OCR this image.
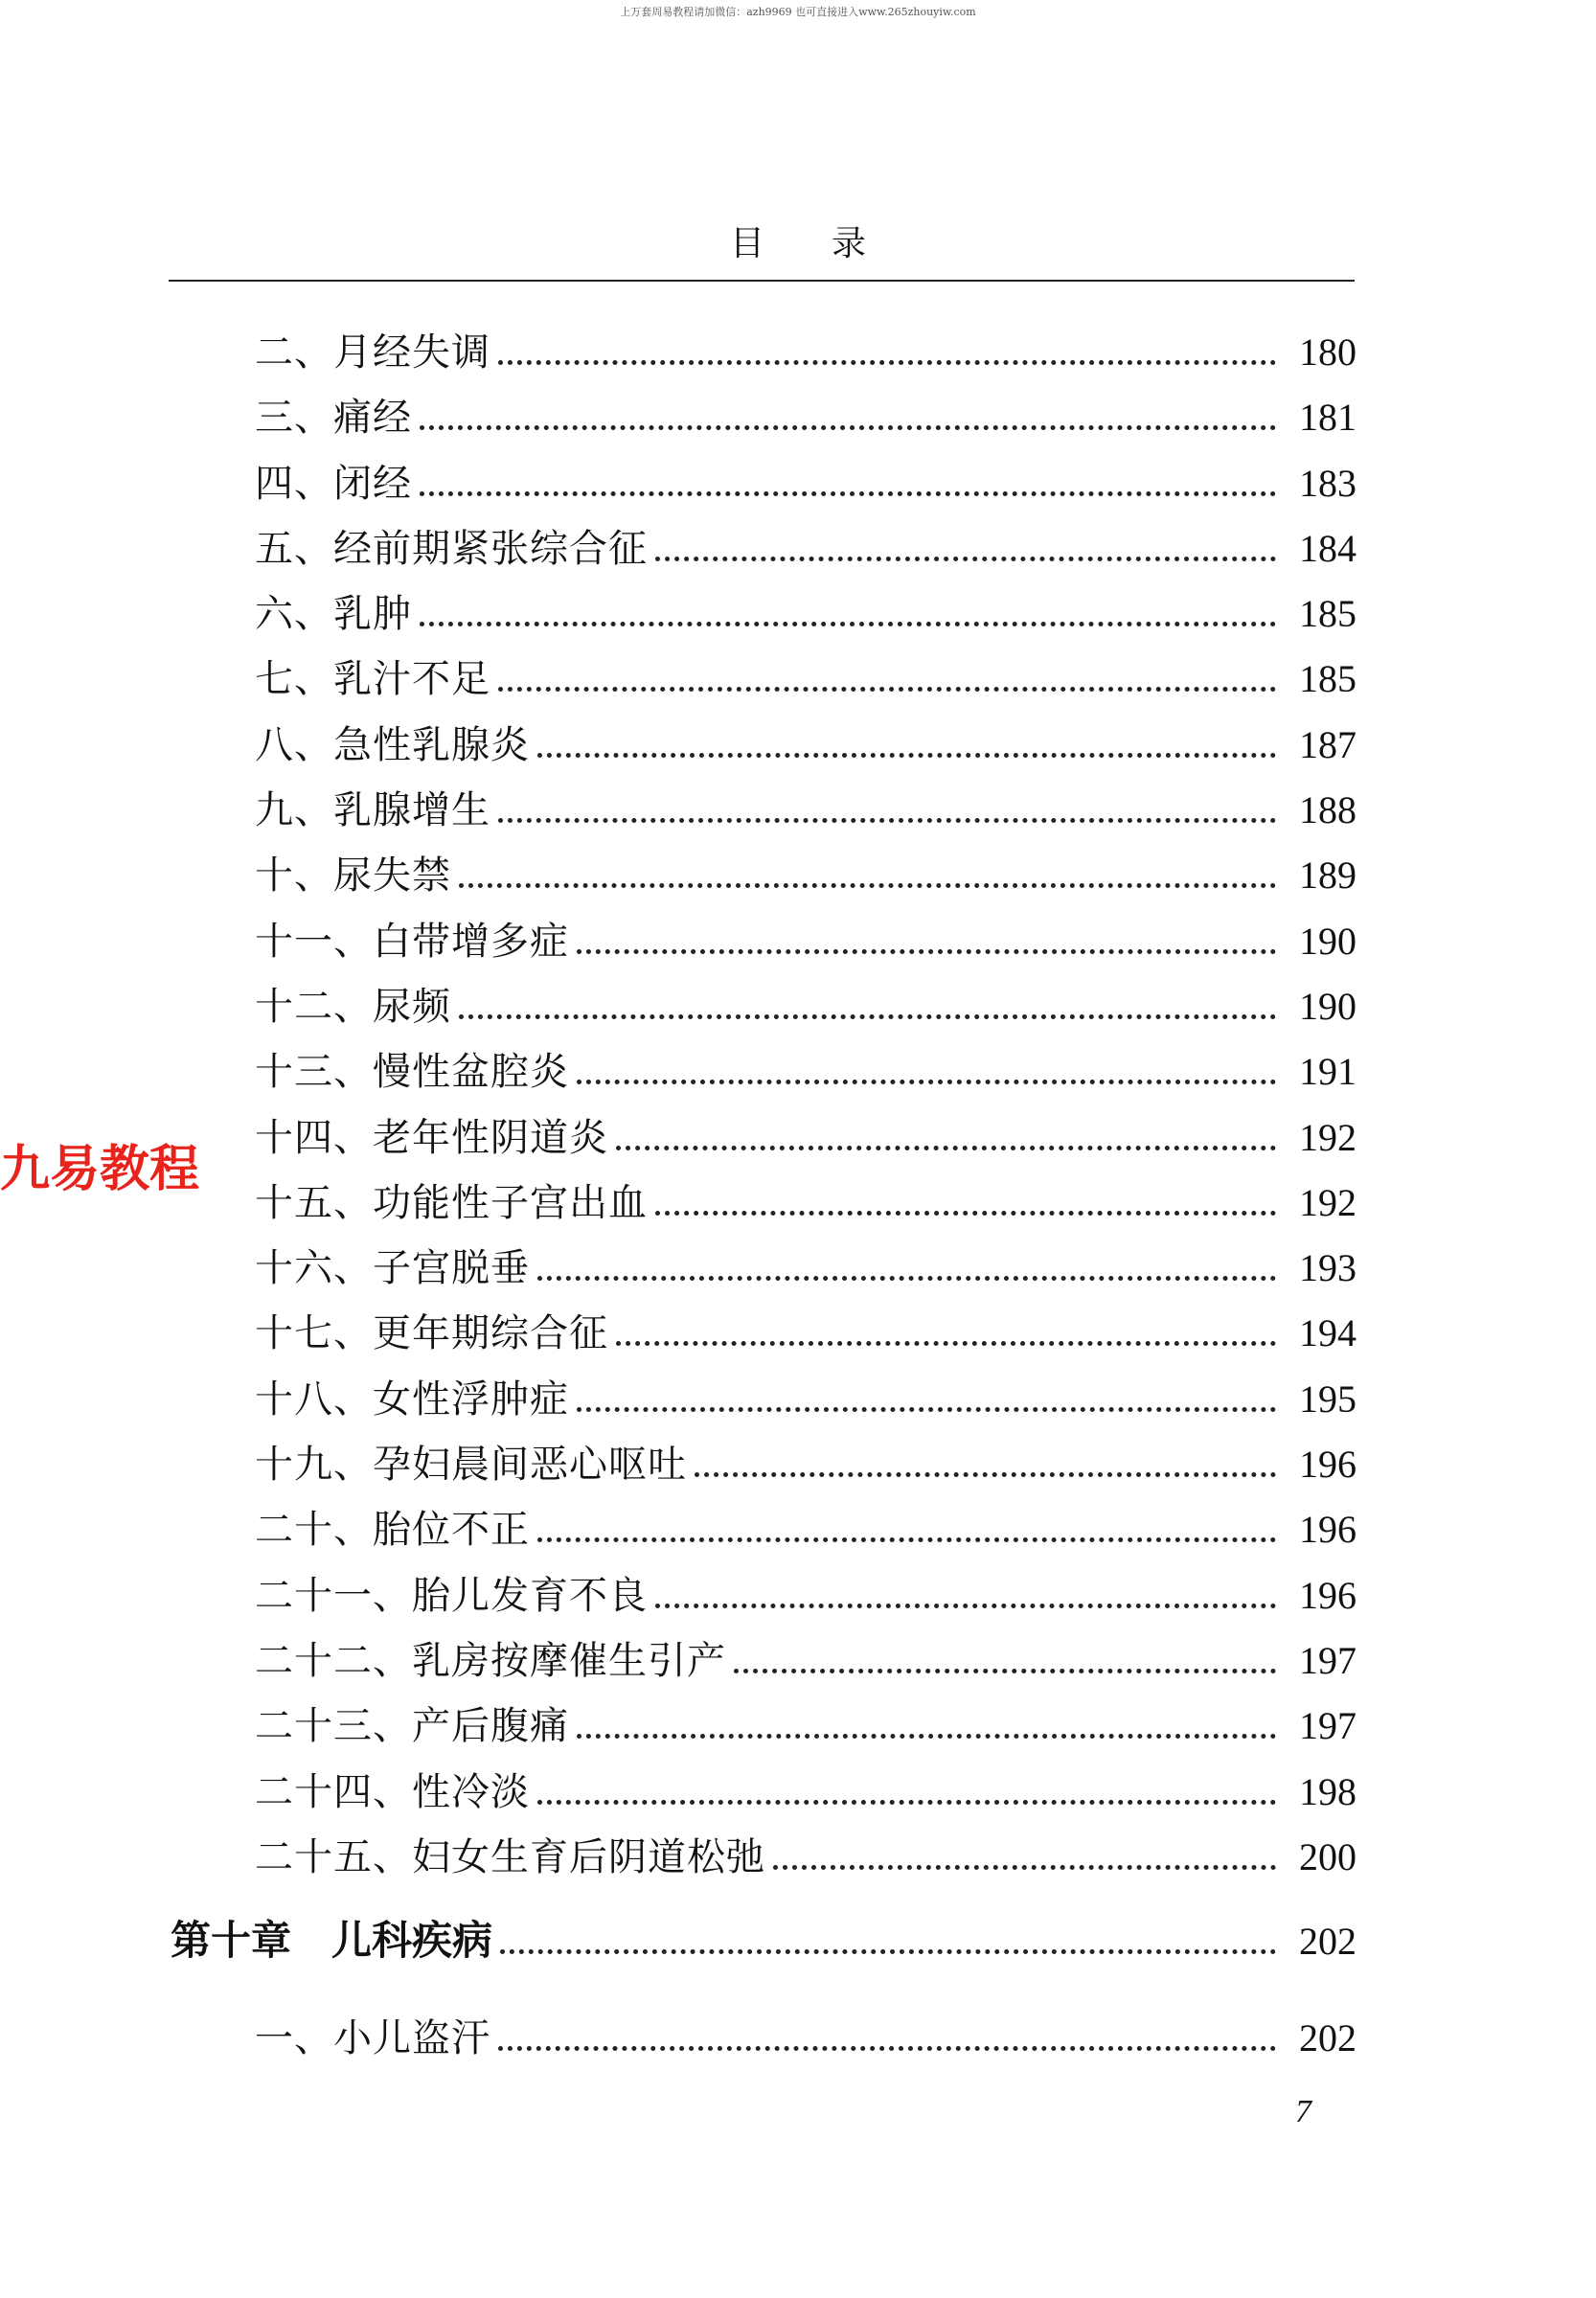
上万套周易教程请加微信：azh9969 也可直接进入www.265zhouyiw.com
目录
二、月经失调	180
三、痛经	181
四、闭经	183
五、经前期紧张综合征	184
六、乳肿	185
七、乳汁不足	185
八、急性乳腺炎	187
九、乳腺增生	188
十、尿失禁	189
十一、白带增多症	190
十二、尿频	190
十三、慢性盆腔炎	191
十四、老年性阴道炎	192
十五、功能性子宫出血	192
十六、子宫脱垂	193
十七、更年期综合征	194
十八、女性浮肿症	195
十九、孕妇晨间恶心呕吐	196
二十、胎位不正	196
二十一、胎儿发育不良	196
二十二、乳房按摩催生引产	197
二十三、产后腹痛	197
二十四、性冷淡	198
二十五、妇女生育后阴道松弛	200
第十章　儿科疾病	202
一、小儿盗汗	202
7
九易教程
